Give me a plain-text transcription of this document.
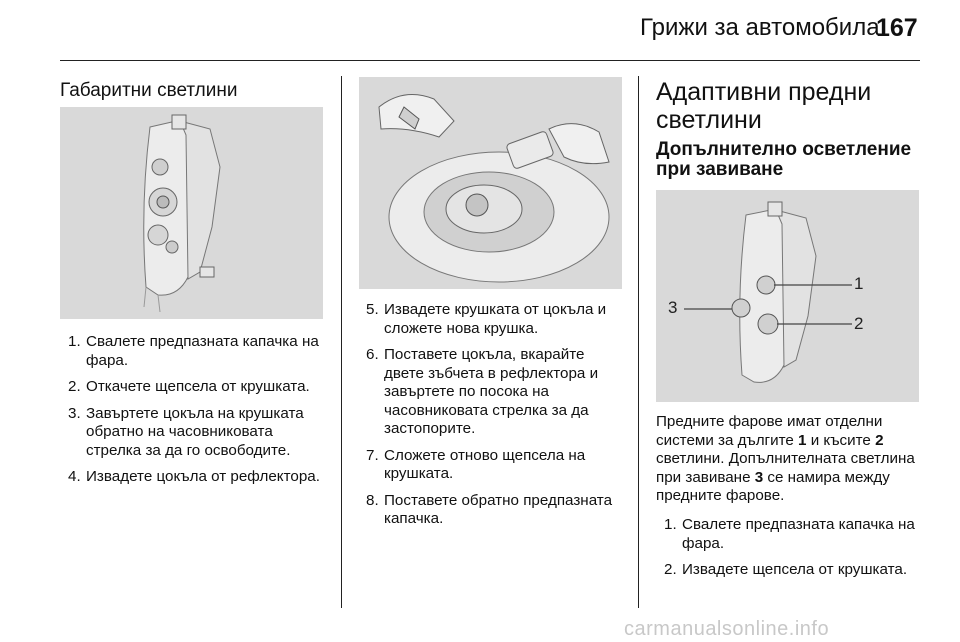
Грижи за автомобила
167
Габаритни светлини
1. Свалете предпазната капачка на фара.
2. Откачете щепсела от крушката.
3. Завъртете цокъла на крушката обратно на часовниковата стрелка за да го освободите.
4. Извадете цокъла от рефлектора.
5. Извадете крушката от цокъла и сложете нова крушка.
6. Поставете цокъла, вкарайте двете зъбчета в рефлектора и завъртете по посока на часовниковата стрелка за да застопорите.
7. Сложете отново щепсела на крушката.
8. Поставете обратно предпазната капачка.
Адаптивни предни светлини
Допълнително осветление при завиване
1
2
3
Предните фарове имат отделни системи за дългите 1 и късите 2 светлини. Допълнителната светлина при завиване 3 се намира между предните фарове.
1. Свалете предпазната капачка на фара.
2. Извадете щепсела от крушката.
carmanualsonline.info
